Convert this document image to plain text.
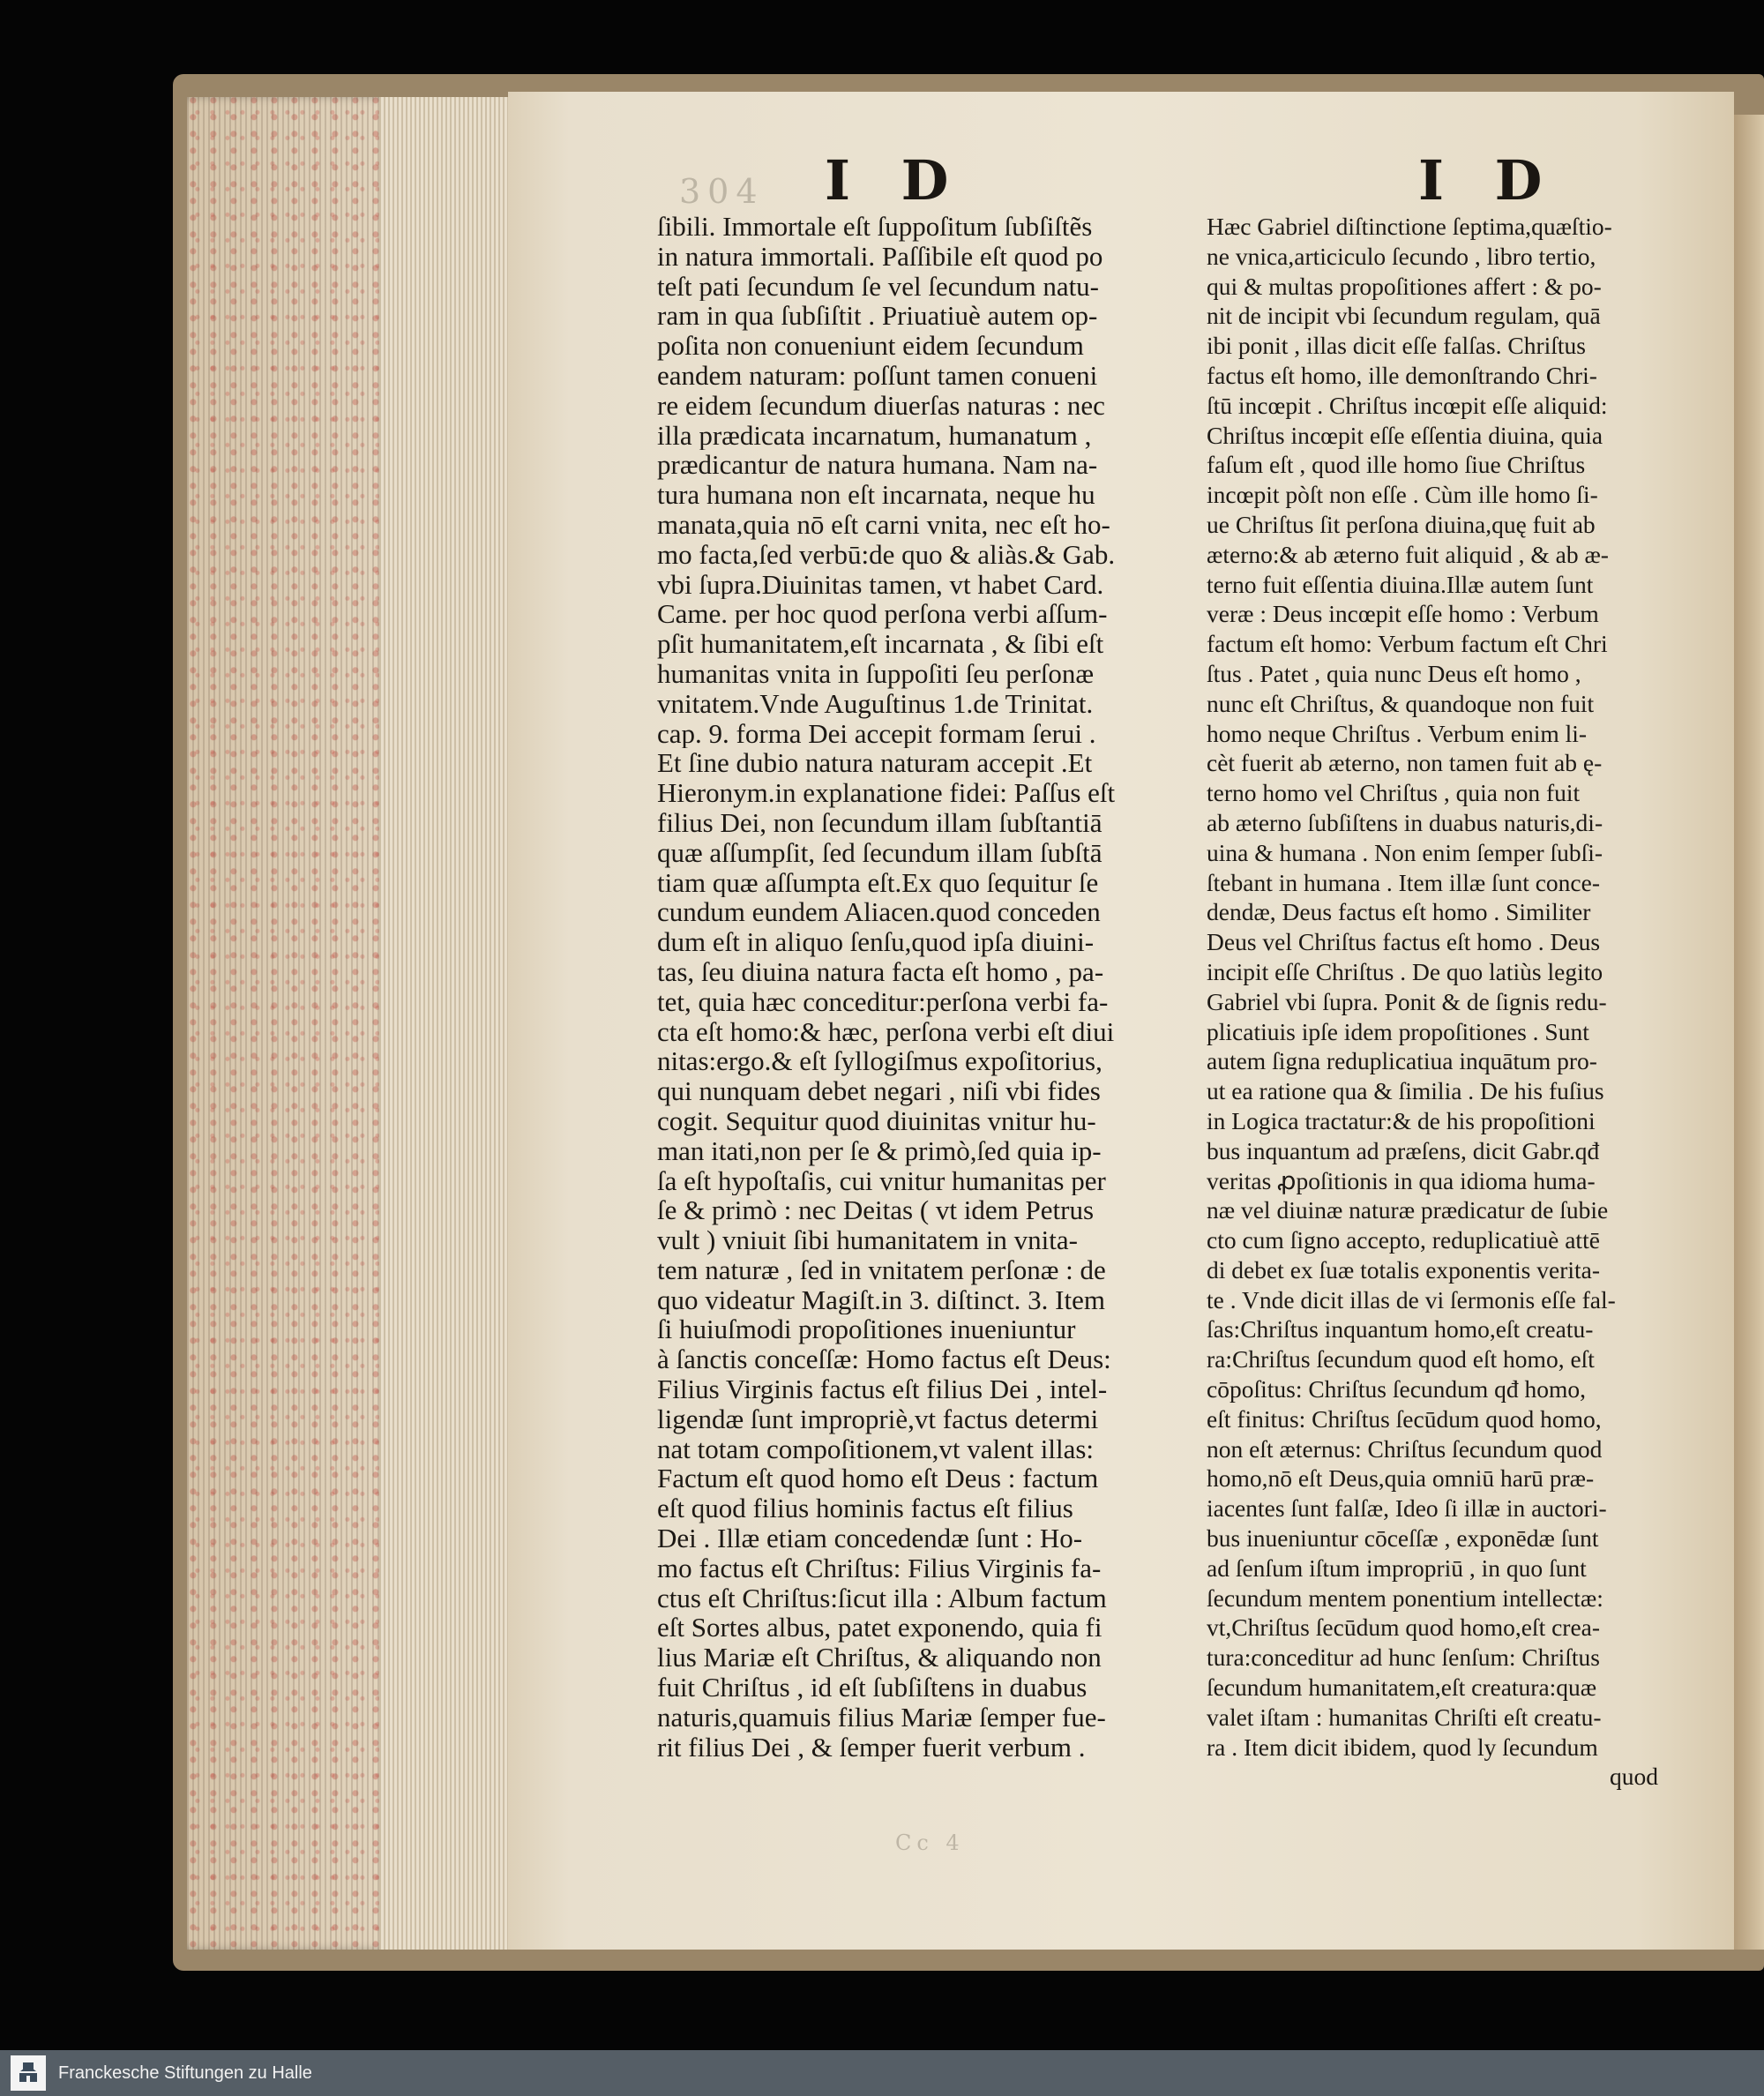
304 I D	I D
ſibili. Immortale eſt ſuppoſitum ſubſiſtẽs
in natura immortali. Paſſibile eſt quod po
teſt pati ſecundum ſe vel ſecundum natu-
ram in qua ſubſiſtit . Priuatiuè autem op-
poſita non conueniunt eidem ſecundum
eandem naturam: poſſunt tamen conueni
re eidem ſecundum diuerſas naturas : nec
illa prædicata incarnatum, humanatum ,
prædicantur de natura humana. Nam na-
tura humana non eſt incarnata, neque hu
manata,quia nō eſt carni vnita, nec eſt ho-
mo facta,ſed verbū:de quo & aliàs.& Gab.
vbi ſupra.Diuinitas tamen, vt habet Card.
Came. per hoc quod perſona verbi aſſum-
pſit humanitatem,eſt incarnata , & ſibi eſt
humanitas vnita in ſuppoſiti ſeu perſonæ
vnitatem.Vnde Auguſtinus 1.de Trinitat.
cap. 9. forma Dei accepit formam ſerui .
Et ſine dubio natura naturam accepit .Et
Hieronym.in explanatione fidei: Paſſus eſt
filius Dei, non ſecundum illam ſubſtantiā
quæ aſſumpſit, ſed ſecundum illam ſubſtā
tiam quæ aſſumpta eſt.Ex quo ſequitur ſe
cundum eundem Aliacen.quod conceden
dum eſt in aliquo ſenſu,quod ipſa diuini-
tas, ſeu diuina natura facta eſt homo , pa-
tet, quia hæc conceditur:perſona verbi fa-
cta eſt homo:& hæc, perſona verbi eſt diui
nitas:ergo.& eſt ſyllogiſmus expoſitorius,
qui nunquam debet negari , niſi vbi fides
cogit. Sequitur quod diuinitas vnitur hu-
man itati,non per ſe & primò,ſed quia ip-
ſa eſt hypoſtaſis, cui vnitur humanitas per
ſe & primò : nec Deitas ( vt idem Petrus
vult ) vniuit ſibi humanitatem in vnita-
tem naturæ , ſed in vnitatem perſonæ : de
quo videatur Magiſt.in 3. diſtinct. 3. Item
ſi huiuſmodi propoſitiones inueniuntur
à ſanctis conceſſæ: Homo factus eſt Deus:
Filius Virginis factus eſt filius Dei , intel-
ligendæ ſunt impropriè,vt factus determi
nat totam compoſitionem,vt valent illas:
Factum eſt quod homo eſt Deus : factum
eſt quod filius hominis factus eſt filius
Dei . Illæ etiam concedendæ ſunt : Ho-
mo factus eſt Chriſtus: Filius Virginis fa-
ctus eſt Chriſtus:ſicut illa : Album factum
eſt Sortes albus, patet exponendo, quia fi
lius Mariæ eſt Chriſtus, & aliquando non
fuit Chriſtus , id eſt ſubſiſtens in duabus
naturis,quamuis filius Mariæ ſemper fue-
rit filius Dei , & ſemper fuerit verbum .
Hæc Gabriel diſtinctione ſeptima,quæſtio-
ne vnica,articiculo ſecundo , libro tertio,
qui & multas propoſitiones affert : & po-
nit de incipit vbi ſecundum regulam, quā
ibi ponit , illas dicit eſſe falſas. Chriſtus
factus eſt homo, ille demonſtrando Chri-
ſtū incœpit . Chriſtus incœpit eſſe aliquid:
Chriſtus incœpit eſſe eſſentia diuina, quia
faſum eſt , quod ille homo ſiue Chriſtus
incœpit pòſt non eſſe . Cùm ille homo ſi-
ue Chriſtus ſit perſona diuina,quę fuit ab
æterno:& ab æterno fuit aliquid , & ab æ-
terno fuit eſſentia diuina.Illæ autem ſunt
veræ : Deus incœpit eſſe homo : Verbum
factum eſt homo: Verbum factum eſt Chri
ſtus . Patet , quia nunc Deus eſt homo ,
nunc eſt Chriſtus, & quandoque non fuit
homo neque Chriſtus . Verbum enim li-
cèt fuerit ab æterno, non tamen fuit ab ę-
terno homo vel Chriſtus , quia non fuit
ab æterno ſubſiſtens in duabus naturis,di-
uina & humana . Non enim ſemper ſubſi-
ſtebant in humana . Item illæ ſunt conce-
dendæ, Deus factus eſt homo . Similiter
Deus vel Chriſtus factus eſt homo . Deus
incipit eſſe Chriſtus . De quo latiùs legito
Gabriel vbi ſupra. Ponit & de ſignis redu-
plicatiuis ipſe idem propoſitiones . Sunt
autem ſigna reduplicatiua inquātum pro-
ut ea ratione qua & ſimilia . De his fuſius
in Logica tractatur:& de his propoſitioni
bus inquantum ad præſens, dicit Gabr.qđ
veritas ꝓpoſitionis in qua idioma huma-
næ vel diuinæ naturæ prædicatur de ſubie
cto cum ſigno accepto, reduplicatiuè attē
di debet ex ſuæ totalis exponentis verita-
te . Vnde dicit illas de vi ſermonis eſſe fal-
ſas:Chriſtus inquantum homo,eſt creatu-
ra:Chriſtus ſecundum quod eſt homo, eſt
cōpoſitus: Chriſtus ſecundum qđ homo,
eſt finitus: Chriſtus ſecūdum quod homo,
non eſt æternus: Chriſtus ſecundum quod
homo,nō eſt Deus,quia omniū harū præ-
iacentes ſunt falſæ, Ideo ſi illæ in auctori-
bus inueniuntur cōceſſæ , exponēdæ ſunt
ad ſenſum iſtum impropriū , in quo ſunt
ſecundum mentem ponentium intellectæ:
vt,Chriſtus ſecūdum quod homo,eſt crea-
tura:conceditur ad hunc ſenſum: Chriſtus
ſecundum humanitatem,eſt creatura:quæ
valet iſtam : humanitas Chriſti eſt creatu-
ra . Item dicit ibidem, quod ly ſecundum
quod
Cc 4
Franckesche Stiftungen zu Halle
